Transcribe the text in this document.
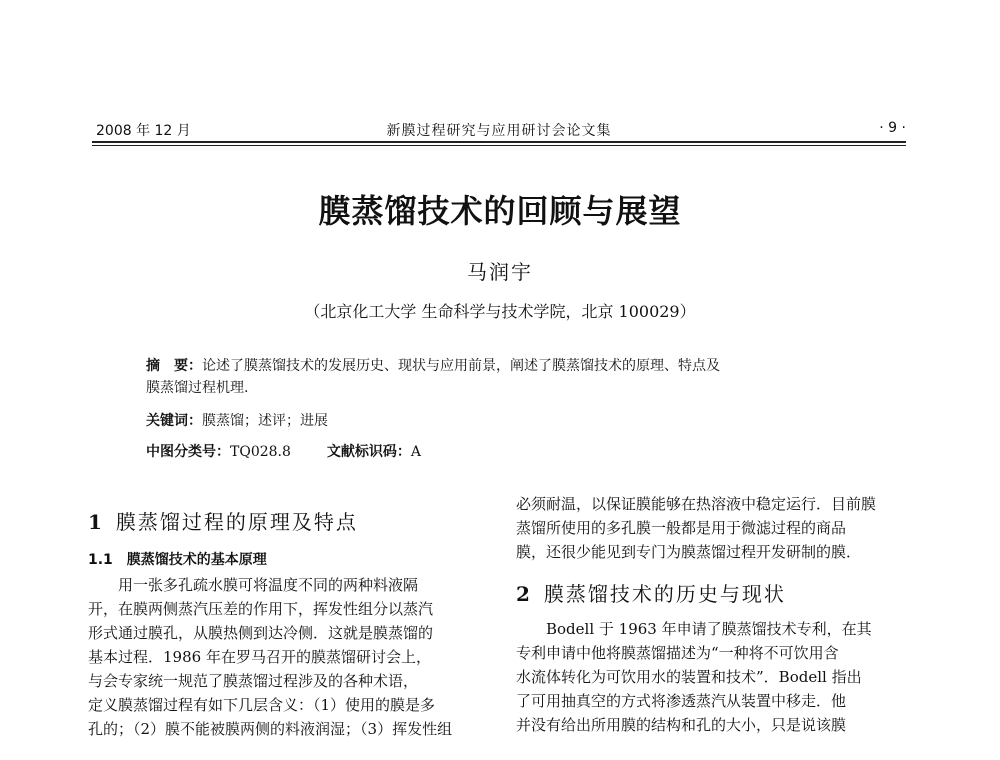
2008 年 12 月	新膜过程研究与应用研讨会论文集	· 9 ·
膜蒸馏技术的回顾与展望
马润宇
（北京化工大学 生命科学与技术学院，北京 100029）
摘　要：论述了膜蒸馏技术的发展历史、现状与应用前景，阐述了膜蒸馏技术的原理、特点及
膜蒸馏过程机理.
关键词：膜蒸馏；述评；进展
中图分类号：TQ028.8	文献标识码：A
1 膜蒸馏过程的原理及特点
1.1　膜蒸馏技术的基本原理
　　用一张多孔疏水膜可将温度不同的两种料液隔
开，在膜两侧蒸汽压差的作用下，挥发性组分以蒸汽
形式通过膜孔，从膜热侧到达冷侧．这就是膜蒸馏的
基本过程．1986 年在罗马召开的膜蒸馏研讨会上，
与会专家统一规范了膜蒸馏过程涉及的各种术语，
定义膜蒸馏过程有如下几层含义：（1）使用的膜是多
孔的；（2）膜不能被膜两侧的料液润湿；（3）挥发性组
必须耐温，以保证膜能够在热溶液中稳定运行．目前膜
蒸馏所使用的多孔膜一般都是用于微滤过程的商品
膜，还很少能见到专门为膜蒸馏过程开发研制的膜．
2 膜蒸馏技术的历史与现状
　　Bodell 于 1963 年申请了膜蒸馏技术专利，在其
专利申请中他将膜蒸馏描述为“一种将不可饮用含
水流体转化为可饮用水的装置和技术”．Bodell 指出
了可用抽真空的方式将渗透蒸汽从装置中移走．他
并没有给出所用膜的结构和孔的大小，只是说该膜
